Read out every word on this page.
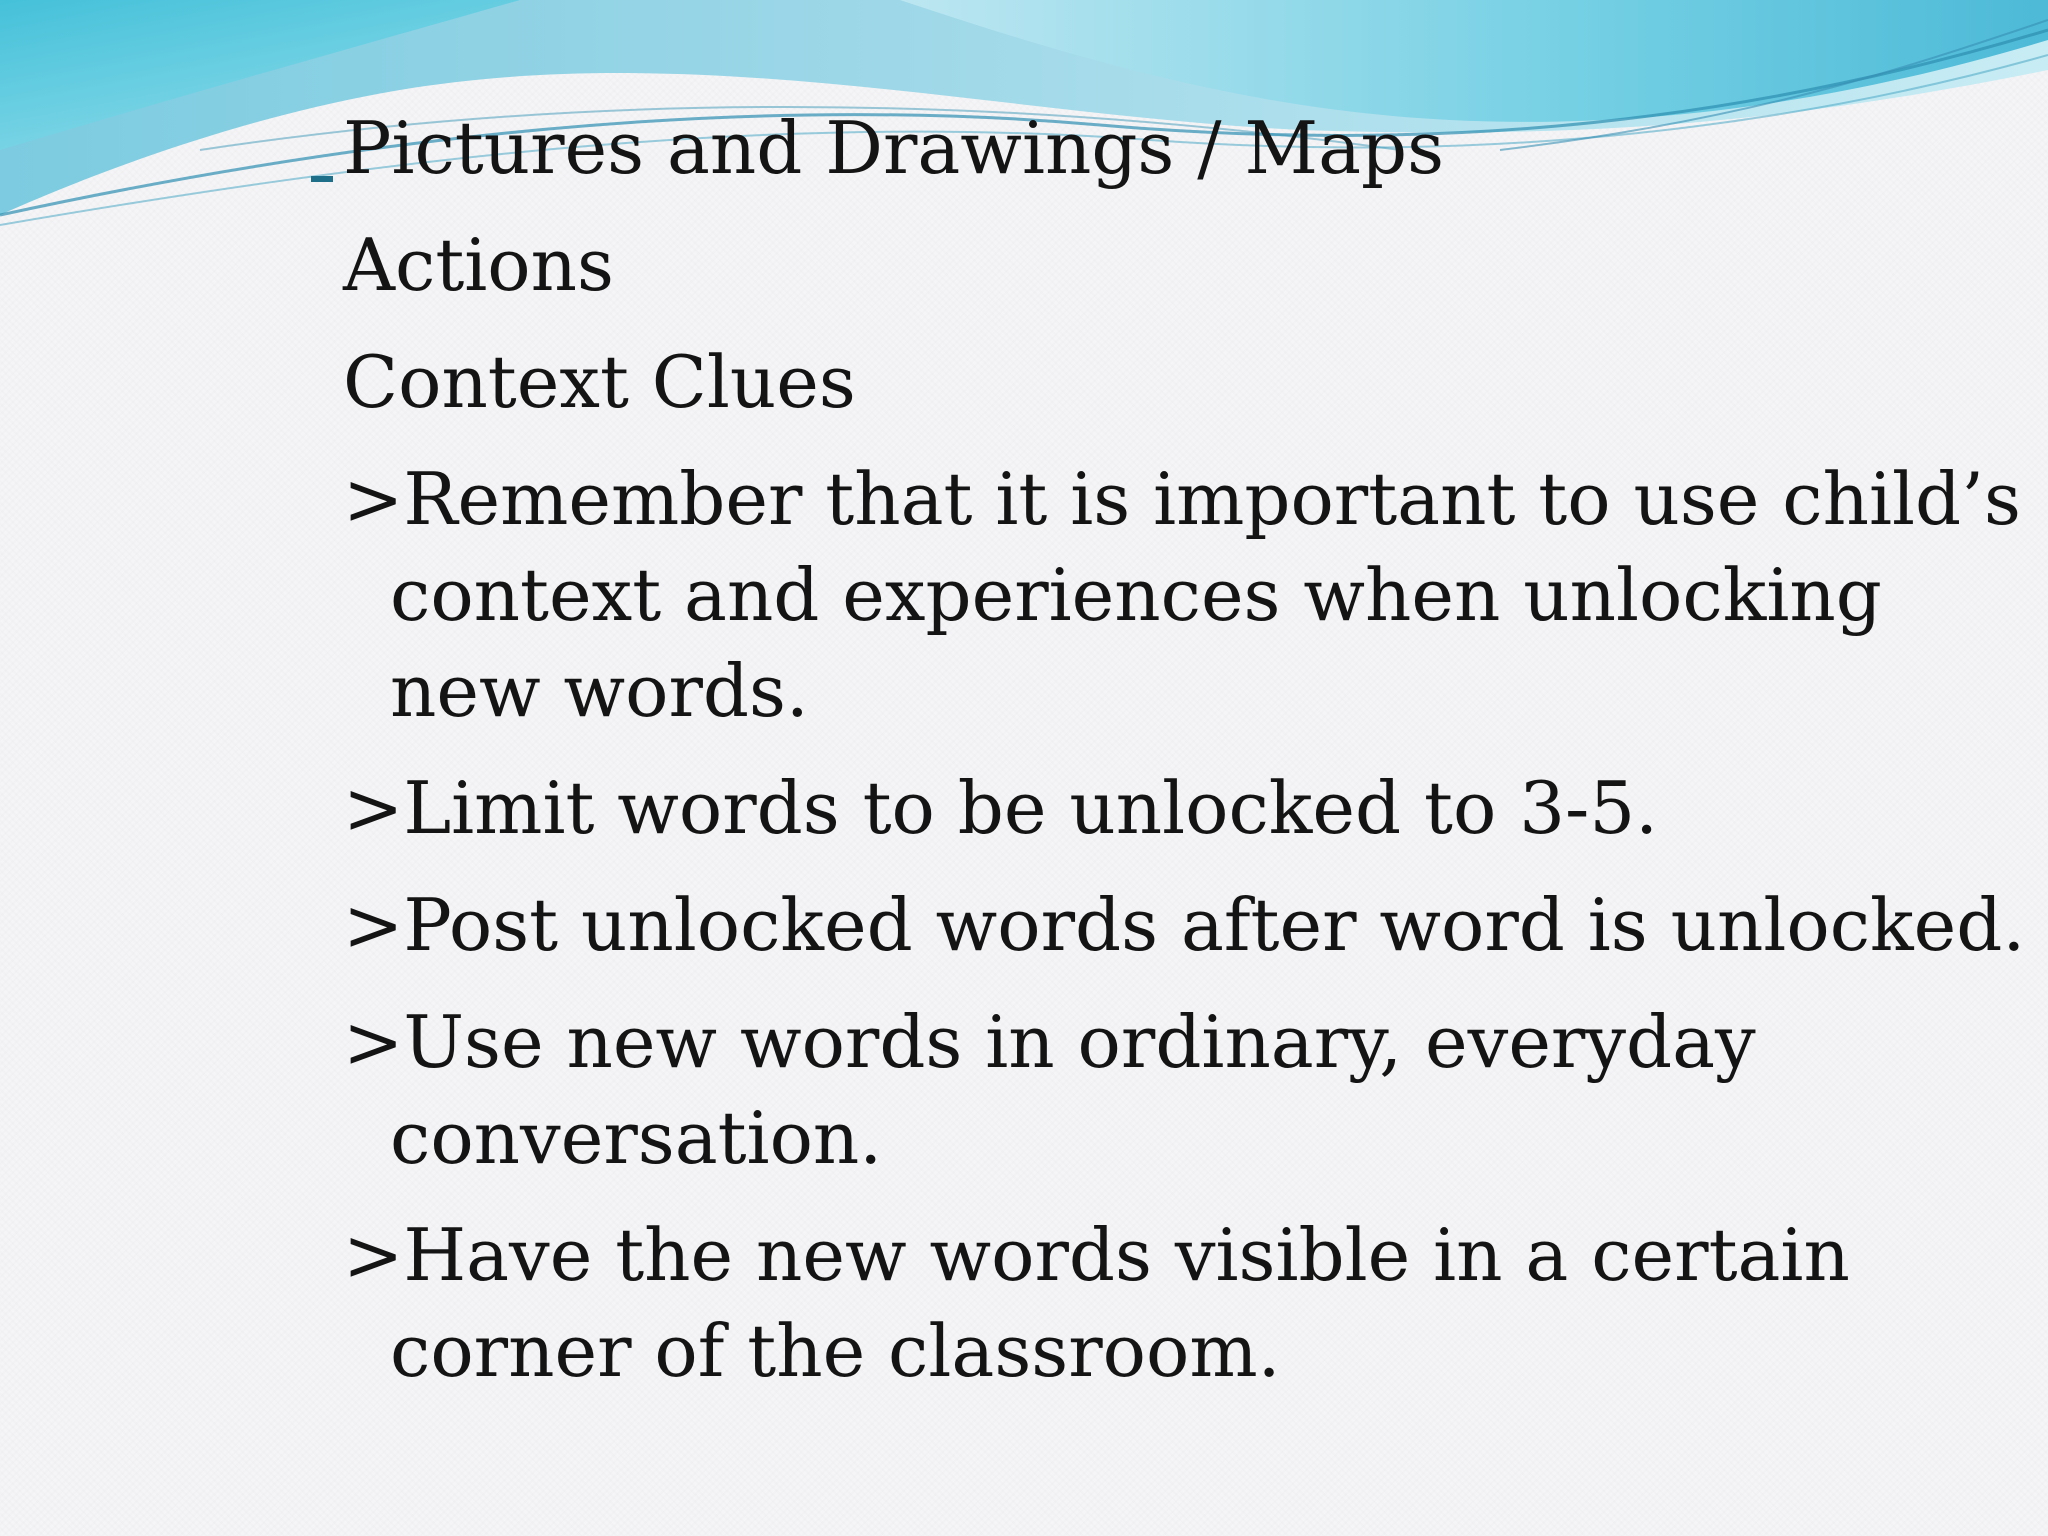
Pictures and Drawings / Maps
Actions
Context Clues
>Remember that it is important to use child’s context and experiences when unlocking new words.
>Limit words to be unlocked to 3-5.
>Post unlocked words after word is unlocked.
>Use new words in ordinary, everyday conversation.
>Have the new words visible in a certain corner of the classroom.
